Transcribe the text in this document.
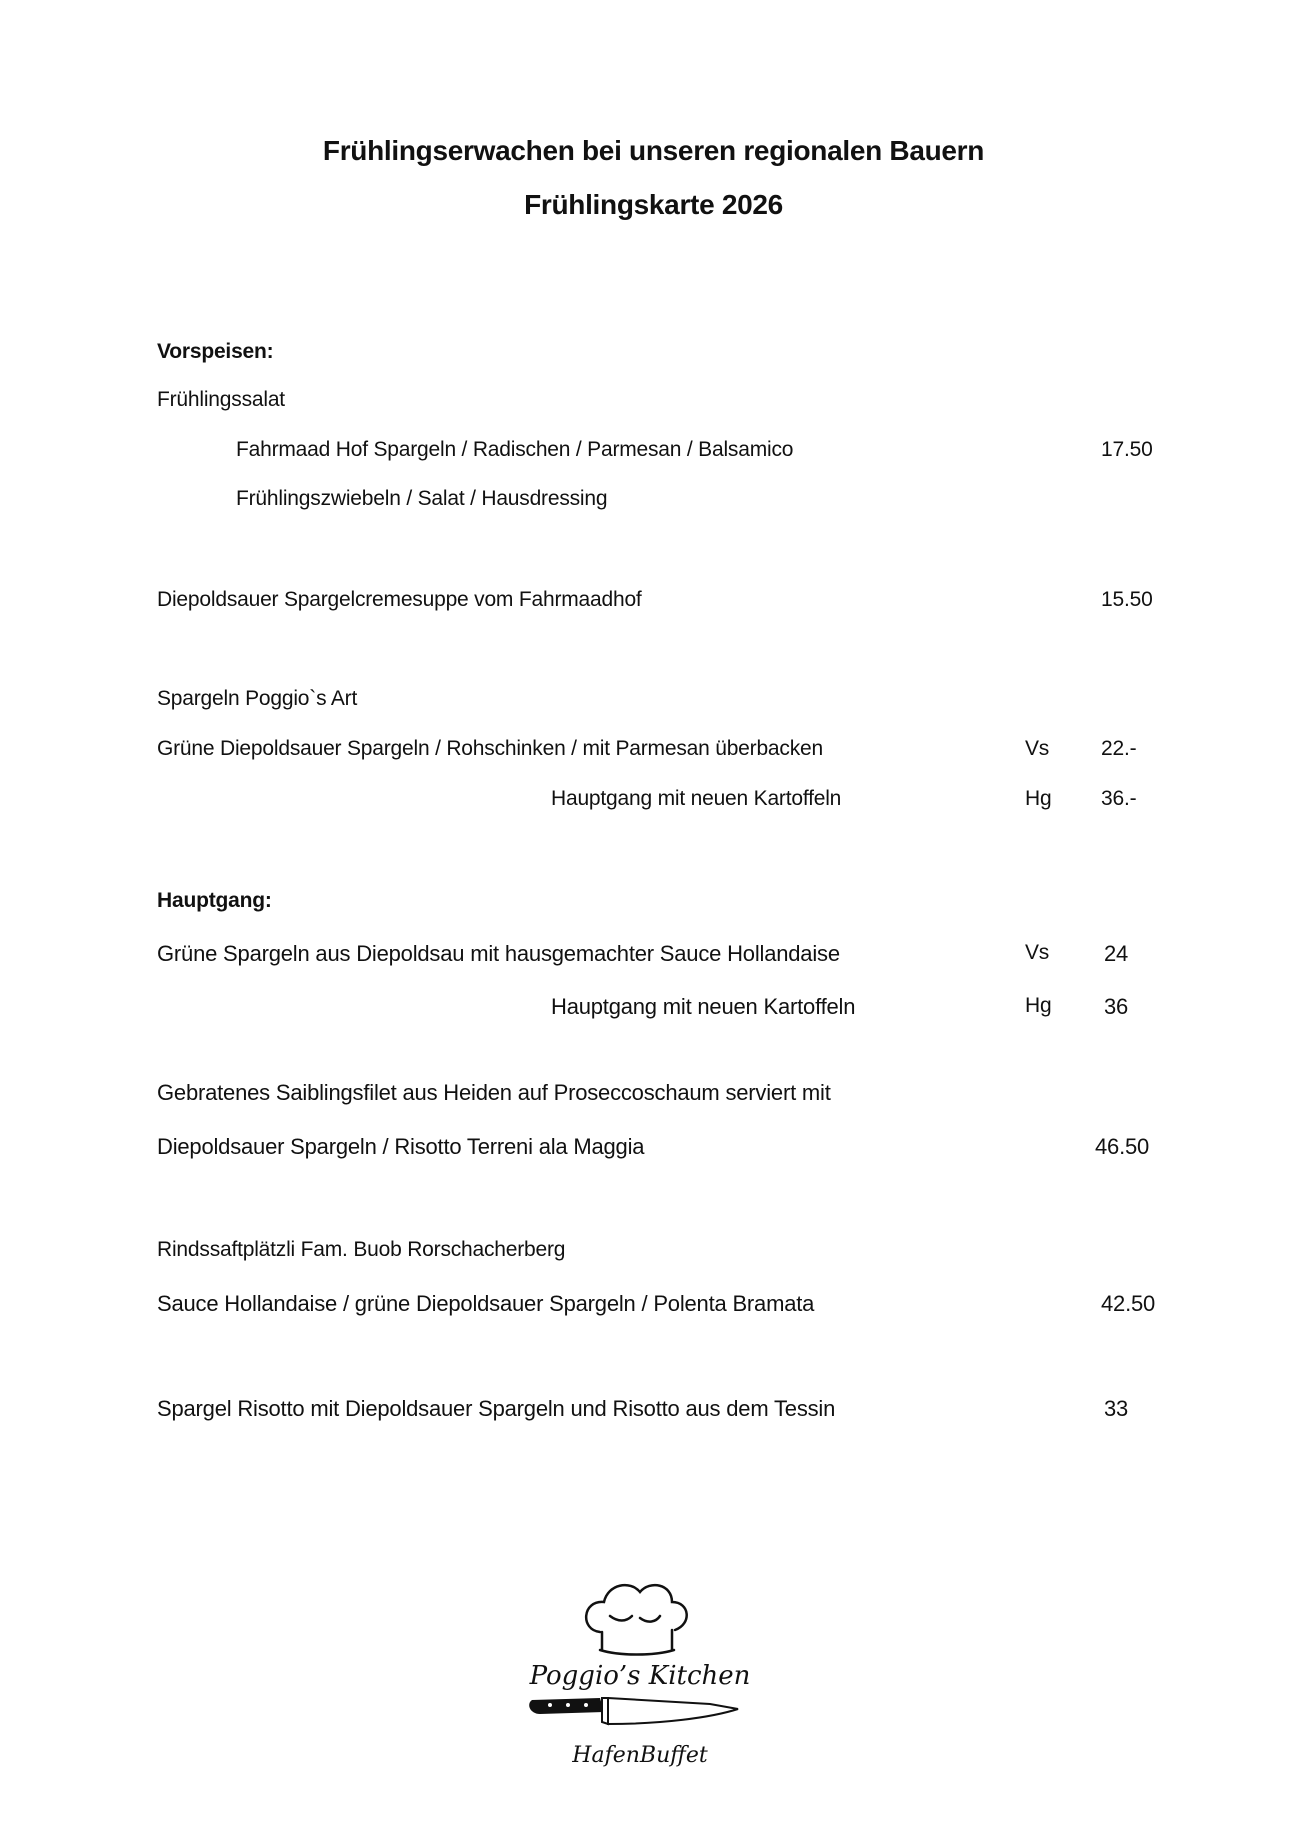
Frühlingserwachen bei unseren regionalen Bauern
Frühlingskarte 2026
Vorspeisen:
Frühlingssalat
Fahrmaad Hof Spargeln / Radischen / Parmesan / Balsamico	17.50
Frühlingszwiebeln / Salat / Hausdressing
Diepoldsauer Spargelcremesuppe vom Fahrmaadhof	15.50
Spargeln Poggio`s Art
Grüne Diepoldsauer Spargeln / Rohschinken / mit Parmesan überbacken	Vs 22.-
Hauptgang mit neuen Kartoffeln	Hg 36.-
Hauptgang:
Grüne Spargeln aus Diepoldsau mit hausgemachter Sauce Hollandaise	Vs 24
Hauptgang mit neuen Kartoffeln	Hg 36
Gebratenes Saiblingsfilet aus Heiden auf Proseccoschaum serviert mit
Diepoldsauer Spargeln / Risotto Terreni ala Maggia	46.50
Rindssaftplätzli Fam. Buob Rorschacherberg
Sauce Hollandaise / grüne Diepoldsauer Spargeln / Polenta Bramata	42.50
Spargel Risotto mit Diepoldsauer Spargeln und Risotto aus dem Tessin	33
Poggio’s Kitchen
HafenBuffet
